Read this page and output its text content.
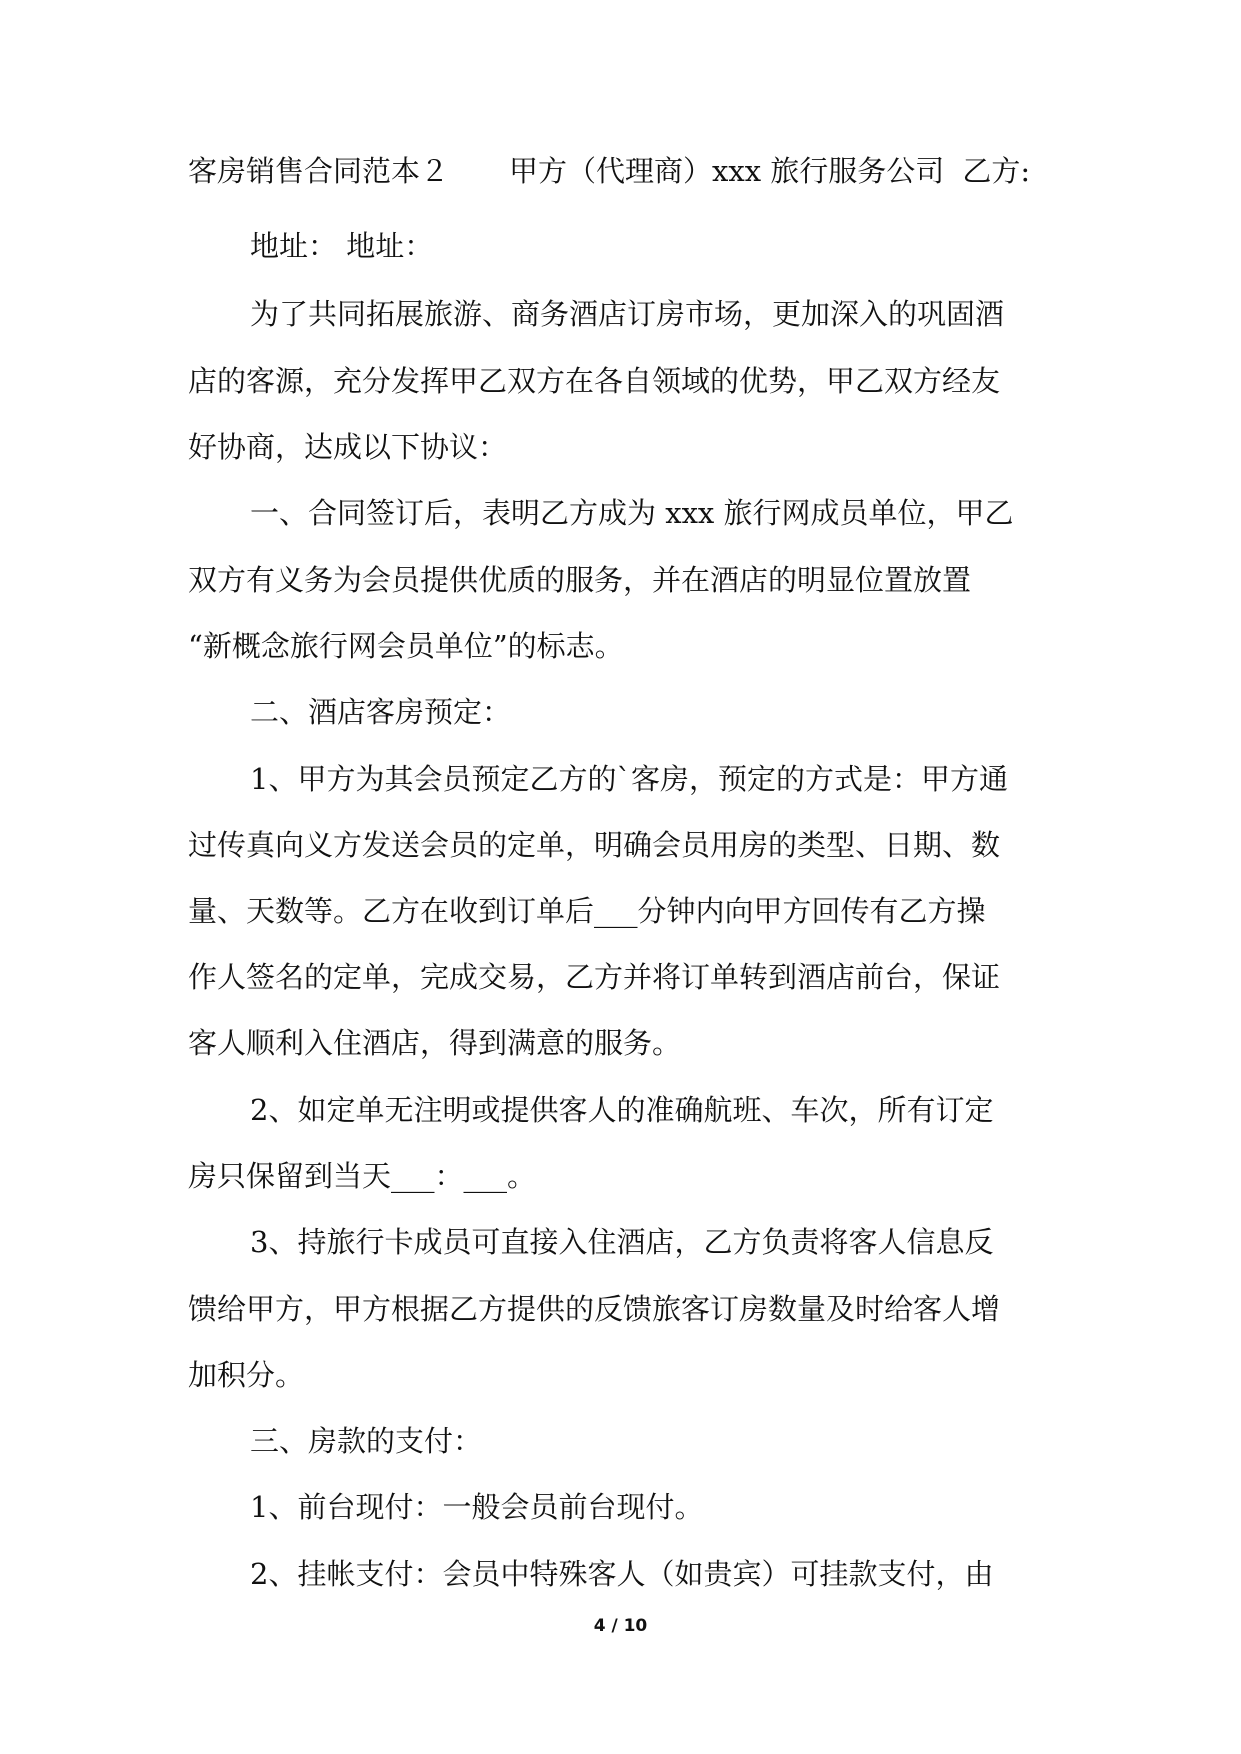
客房销售合同范本２ 甲方（代理商）xxx 旅行服务公司 乙方:
地址： 地址：
为了共同拓展旅游、商务酒店订房市场，更加深入的巩固酒
店的客源，充分发挥甲乙双方在各自领域的优势，甲乙双方经友
好协商，达成以下协议：
一、合同签订后，表明乙方成为 xxx 旅行网成员单位，甲乙
双方有义务为会员提供优质的服务，并在酒店的明显位置放置
“新概念旅行网会员单位”的标志。
二、酒店客房预定：
1、甲方为其会员预定乙方的`客房，预定的方式是：甲方通
过传真向义方发送会员的定单，明确会员用房的类型、日期、数
量、天数等。乙方在收到订单后___分钟内向甲方回传有乙方操
作人签名的定单，完成交易，乙方并将订单转到酒店前台，保证
客人顺利入住酒店，得到满意的服务。
2、如定单无注明或提供客人的准确航班、车次，所有订定
房只保留到当天___：___。
3、持旅行卡成员可直接入住酒店，乙方负责将客人信息反
馈给甲方，甲方根据乙方提供的反馈旅客订房数量及时给客人增
加积分。
三、房款的支付：
1、前台现付：一般会员前台现付。
2、挂帐支付：会员中特殊客人（如贵宾）可挂款支付，由
4 / 10
